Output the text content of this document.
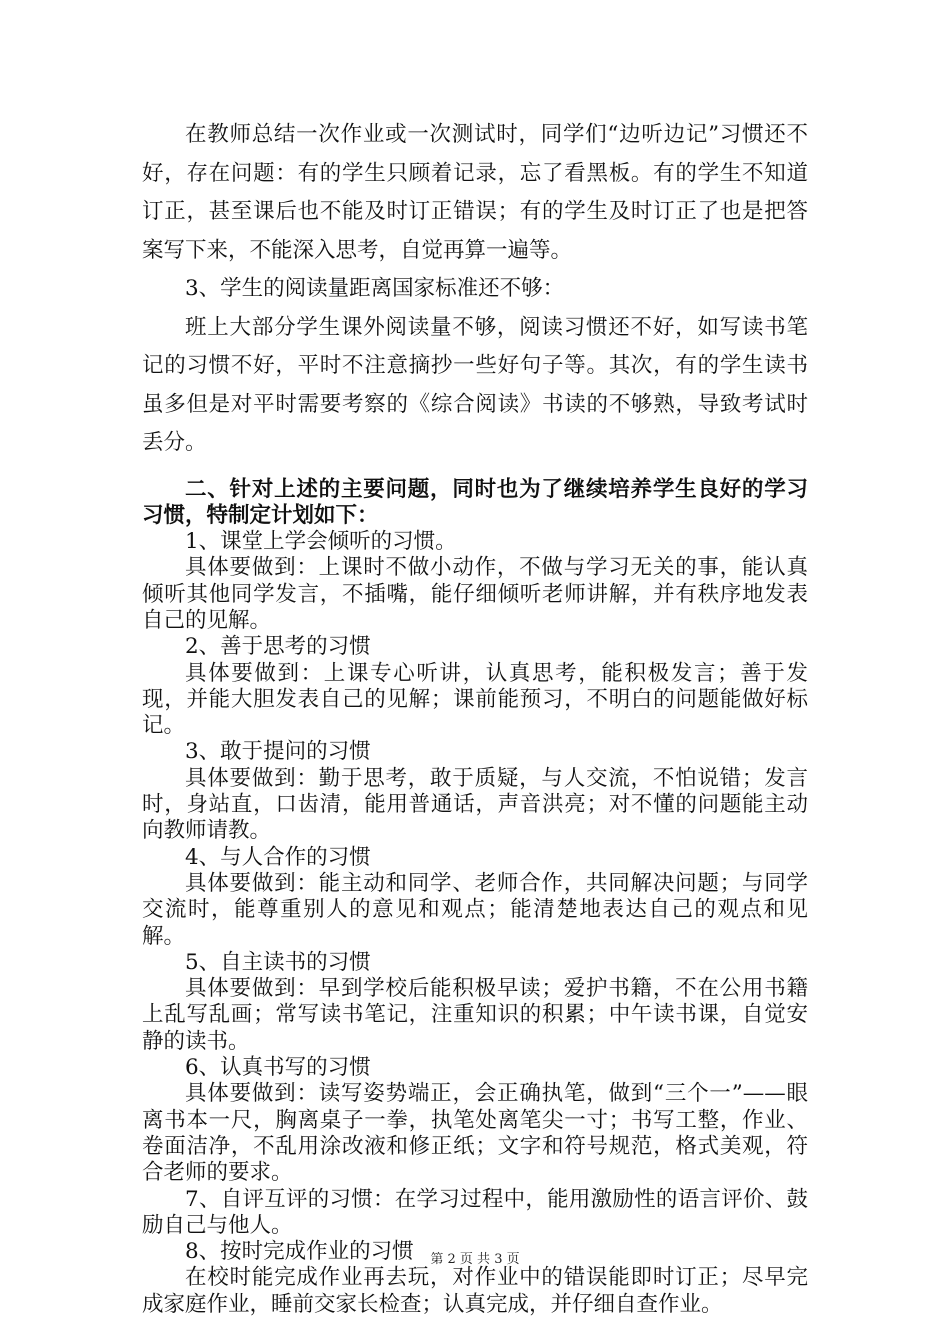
在教师总结一次作业或一次测试时，同学们“边听边记”习惯还不好，存在问题：有的学生只顾着记录，忘了看黑板。有的学生不知道订正，甚至课后也不能及时订正错误；有的学生及时订正了也是把答案写下来，不能深入思考，自觉再算一遍等。

3、学生的阅读量距离国家标准还不够：

班上大部分学生课外阅读量不够，阅读习惯还不好，如写读书笔记的习惯不好，平时不注意摘抄一些好句子等。其次，有的学生读书虽多但是对平时需要考察的《综合阅读》书读的不够熟，导致考试时丢分。

二、针对上述的主要问题，同时也为了继续培养学生良好的学习习惯，特制定计划如下：

1、课堂上学会倾听的习惯。

具体要做到：上课时不做小动作，不做与学习无关的事，能认真倾听其他同学发言，不插嘴，能仔细倾听老师讲解，并有秩序地发表自己的见解。

2、善于思考的习惯

具体要做到：上课专心听讲，认真思考，能积极发言；善于发现，并能大胆发表自己的见解；课前能预习，不明白的问题能做好标记。

3、敢于提问的习惯

具体要做到：勤于思考，敢于质疑，与人交流，不怕说错；发言时，身站直，口齿清，能用普通话，声音洪亮；对不懂的问题能主动向教师请教。

4、与人合作的习惯

具体要做到：能主动和同学、老师合作，共同解决问题；与同学交流时，能尊重别人的意见和观点；能清楚地表达自己的观点和见解。

5、自主读书的习惯

具体要做到：早到学校后能积极早读；爱护书籍，不在公用书籍上乱写乱画；常写读书笔记，注重知识的积累；中午读书课，自觉安静的读书。

6、认真书写的习惯

具体要做到：读写姿势端正，会正确执笔，做到“三个一”——眼离书本一尺，胸离桌子一拳，执笔处离笔尖一寸；书写工整，作业、卷面洁净，不乱用涂改液和修正纸；文字和符号规范，格式美观，符合老师的要求。

7、自评互评的习惯：在学习过程中，能用激励性的语言评价、鼓励自己与他人。

8、按时完成作业的习惯

在校时能完成作业再去玩，对作业中的错误能即时订正；尽早完成家庭作业，睡前交家长检查；认真完成，并仔细自查作业。

第 2 页 共 3 页
